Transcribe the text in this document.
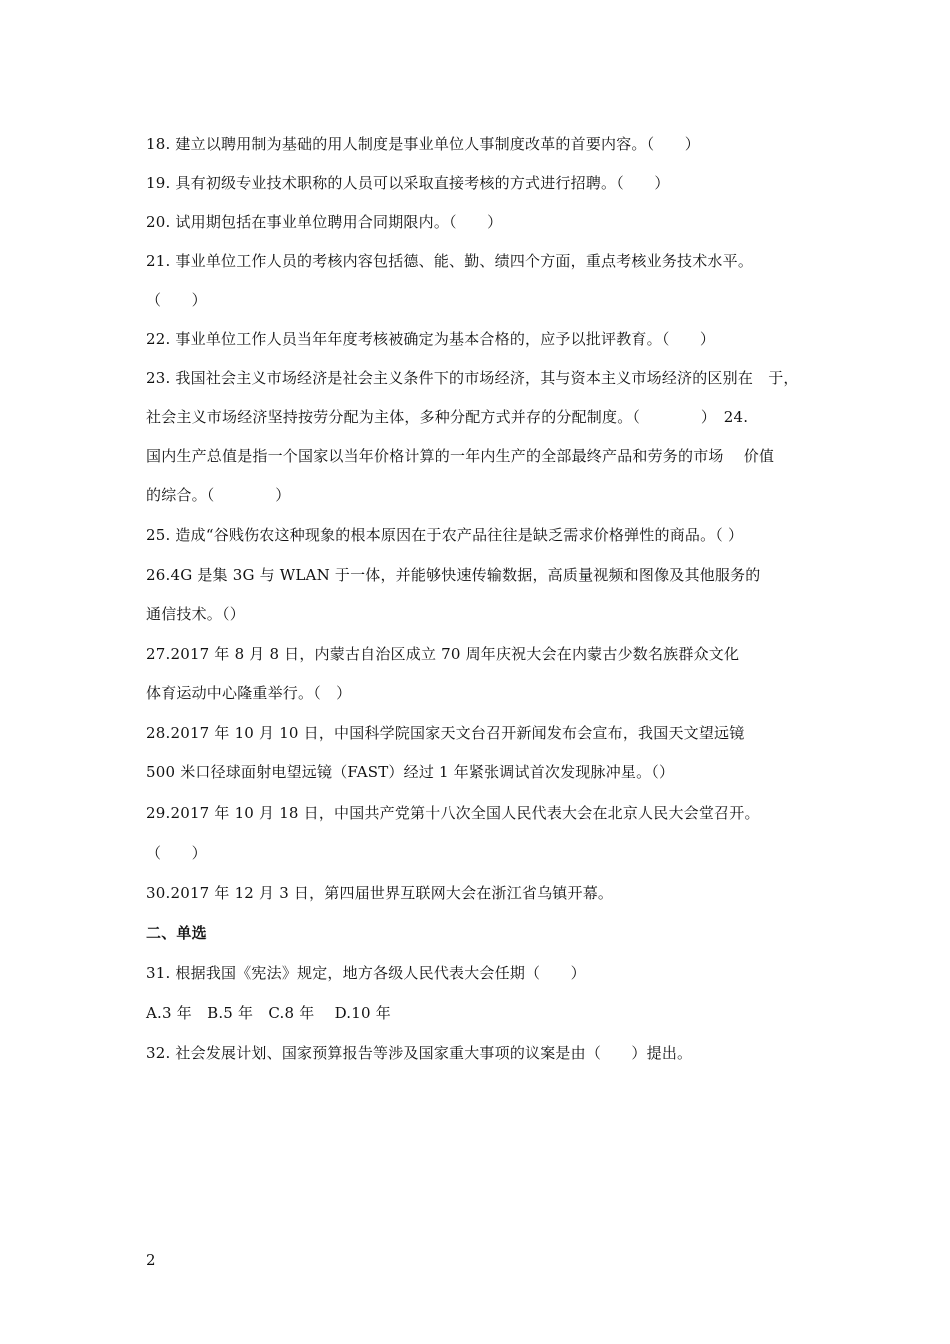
18. 建立以聘用制为基础的用人制度是事业单位人事制度改革的首要内容。（　　）
19. 具有初级专业技术职称的人员可以采取直接考核的方式进行招聘。（　　）
20. 试用期包括在事业单位聘用合同期限内。（　　）
21. 事业单位工作人员的考核内容包括德、能、勤、绩四个方面，重点考核业务技术水平。
（　　）
22. 事业单位工作人员当年年度考核被确定为基本合格的，应予以批评教育。（　　）
23. 我国社会主义市场经济是社会主义条件下的市场经济，其与资本主义市场经济的区别在　于，
社会主义市场经济坚持按劳分配为主体，多种分配方式并存的分配制度。（　　　　）　24.
国内生产总值是指一个国家以当年价格计算的一年内生产的全部最终产品和劳务的市场　 价值
的综合。（　　　　）
25. 造成“谷贱伤农这种现象的根本原因在于农产品往往是缺乏需求价格弹性的商品。（ ）
26.4G 是集 3G 与 WLAN 于一体，并能够快速传输数据，高质量视频和图像及其他服务的
通信技术。（）
27.2017 年 8 月 8 日，内蒙古自治区成立 70 周年庆祝大会在内蒙古少数名族群众文化
体育运动中心隆重举行。（　）
28.2017 年 10 月 10 日，中国科学院国家天文台召开新闻发布会宣布，我国天文望远镜
500 米口径球面射电望远镜（FAST）经过 1 年紧张调试首次发现脉冲星。（）
29.2017 年 10 月 18 日，中国共产党第十八次全国人民代表大会在北京人民大会堂召开。
（　　）
30.2017 年 12 月 3 日，第四届世界互联网大会在浙江省乌镇开幕。
二、单选
31. 根据我国《宪法》规定，地方各级人民代表大会任期（　　）
A.3 年　B.5 年　C.8 年　 D.10 年
32. 社会发展计划、国家预算报告等涉及国家重大事项的议案是由（　　）提出。
2
